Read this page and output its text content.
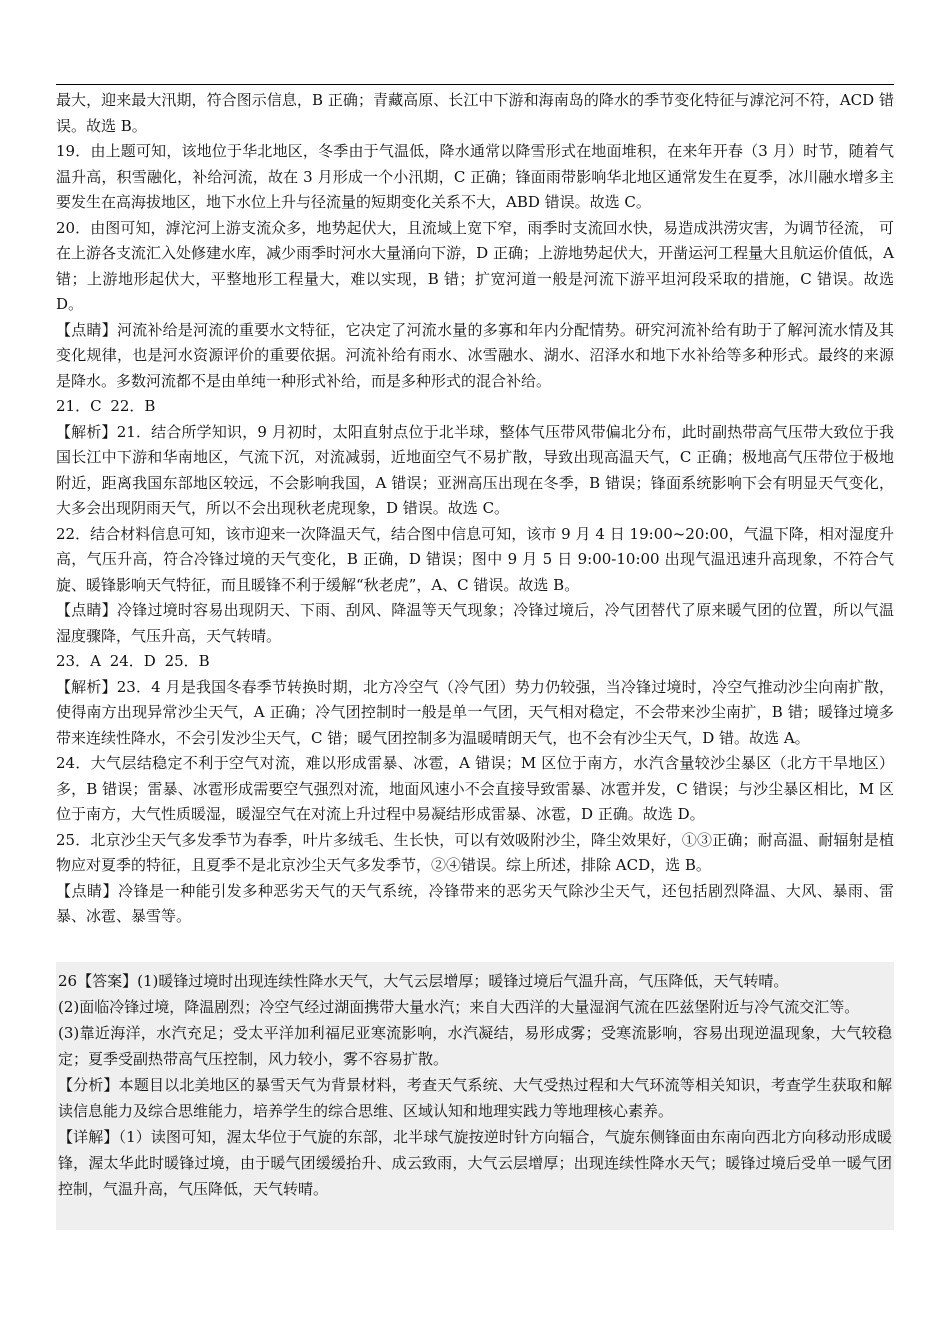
最大，迎来最大汛期，符合图示信息，B 正确；青藏高原、长江中下游和海南岛的降水的季节变化特征与滹沱河不符，ACD 错误。故选 B。

19．由上题可知，该地位于华北地区，冬季由于气温低，降水通常以降雪形式在地面堆积，在来年开春（3 月）时节，随着气温升高，积雪融化，补给河流，故在 3 月形成一个小汛期，C 正确；锋面雨带影响华北地区通常发生在夏季，冰川融水增多主要发生在高海拔地区，地下水位上升与径流量的短期变化关系不大，ABD 错误。故选 C。

20．由图可知，滹沱河上游支流众多，地势起伏大，且流域上宽下窄，雨季时支流回水快，易造成洪涝灾害，为调节径流， 可在上游各支流汇入处修建水库，减少雨季时河水大量涌向下游，D 正确；上游地势起伏大，开凿运河工程量大且航运价值低，A 错；上游地形起伏大，平整地形工程量大，难以实现，B 错；扩宽河道一般是河流下游平坦河段采取的措施，C 错误。故选 D。

【点睛】河流补给是河流的重要水文特征，它决定了河流水量的多寡和年内分配情势。研究河流补给有助于了解河流水情及其变化规律，也是河水资源评价的重要依据。河流补给有雨水、冰雪融水、湖水、沼泽水和地下水补给等多种形式。最终的来源是降水。多数河流都不是由单纯一种形式补给，而是多种形式的混合补给。

21．C 22．B

【解析】21．结合所学知识，9 月初时，太阳直射点位于北半球，整体气压带风带偏北分布，此时副热带高气压带大致位于我国长江中下游和华南地区，气流下沉，对流减弱，近地面空气不易扩散，导致出现高温天气，C 正确；极地高气压带位于极地附近，距离我国东部地区较远，不会影响我国，A 错误；亚洲高压出现在冬季，B 错误；锋面系统影响下会有明显天气变化，大多会出现阴雨天气，所以不会出现秋老虎现象，D 错误。故选 C。

22．结合材料信息可知，该市迎来一次降温天气，结合图中信息可知，该市 9 月 4 日 19:00~20:00，气温下降，相对湿度升高，气压升高，符合冷锋过境的天气变化，B 正确，D 错误；图中 9 月 5 日 9:00-10:00 出现气温迅速升高现象，不符合气旋、暖锋影响天气特征，而且暖锋不利于缓解“秋老虎”，A、C 错误。故选 B。

【点睛】冷锋过境时容易出现阴天、下雨、刮风、降温等天气现象；冷锋过境后，冷气团替代了原来暖气团的位置，所以气温湿度骤降，气压升高，天气转晴。

23．A 24．D 25．B

【解析】23．4 月是我国冬春季节转换时期，北方冷空气（冷气团）势力仍较强，当冷锋过境时，冷空气推动沙尘向南扩散，使得南方出现异常沙尘天气，A 正确；冷气团控制时一般是单一气团，天气相对稳定，不会带来沙尘南扩，B 错；暖锋过境多带来连续性降水，不会引发沙尘天气，C 错；暖气团控制多为温暖晴朗天气，也不会有沙尘天气，D 错。故选 A。

24．大气层结稳定不利于空气对流，难以形成雷暴、冰雹，A 错误；M 区位于南方，水汽含量较沙尘暴区（北方干旱地区）多，B 错误；雷暴、冰雹形成需要空气强烈对流，地面风速小不会直接导致雷暴、冰雹并发，C 错误；与沙尘暴区相比，M 区位于南方，大气性质暖湿，暖湿空气在对流上升过程中易凝结形成雷暴、冰雹，D 正确。故选 D。

25．北京沙尘天气多发季节为春季，叶片多绒毛、生长快，可以有效吸附沙尘，降尘效果好，①③正确；耐高温、耐辐射是植物应对夏季的特征，且夏季不是北京沙尘天气多发季节，②④错误。综上所述，排除 ACD，选 B。

【点睛】冷锋是一种能引发多种恶劣天气的天气系统，冷锋带来的恶劣天气除沙尘天气，还包括剧烈降温、大风、暴雨、雷暴、冰雹、暴雪等。

26【答案】(1)暖锋过境时出现连续性降水天气，大气云层增厚；暖锋过境后气温升高，气压降低，天气转晴。

(2)面临冷锋过境，降温剧烈；冷空气经过湖面携带大量水汽；来自大西洋的大量湿润气流在匹兹堡附近与冷气流交汇等。

(3)靠近海洋，水汽充足；受太平洋加利福尼亚寒流影响，水汽凝结，易形成雾；受寒流影响，容易出现逆温现象，大气较稳定；夏季受副热带高气压控制，风力较小，雾不容易扩散。

【分析】本题目以北美地区的暴雪天气为背景材料，考查天气系统、大气受热过程和大气环流等相关知识，考查学生获取和解读信息能力及综合思维能力，培养学生的综合思维、区域认知和地理实践力等地理核心素养。

【详解】（1）读图可知，渥太华位于气旋的东部，北半球气旋按逆时针方向辐合，气旋东侧锋面由东南向西北方向移动形成暖锋，渥太华此时暖锋过境，由于暖气团缓缓抬升、成云致雨，大气云层增厚；出现连续性降水天气；暖锋过境后受单一暖气团控制，气温升高，气压降低，天气转晴。
